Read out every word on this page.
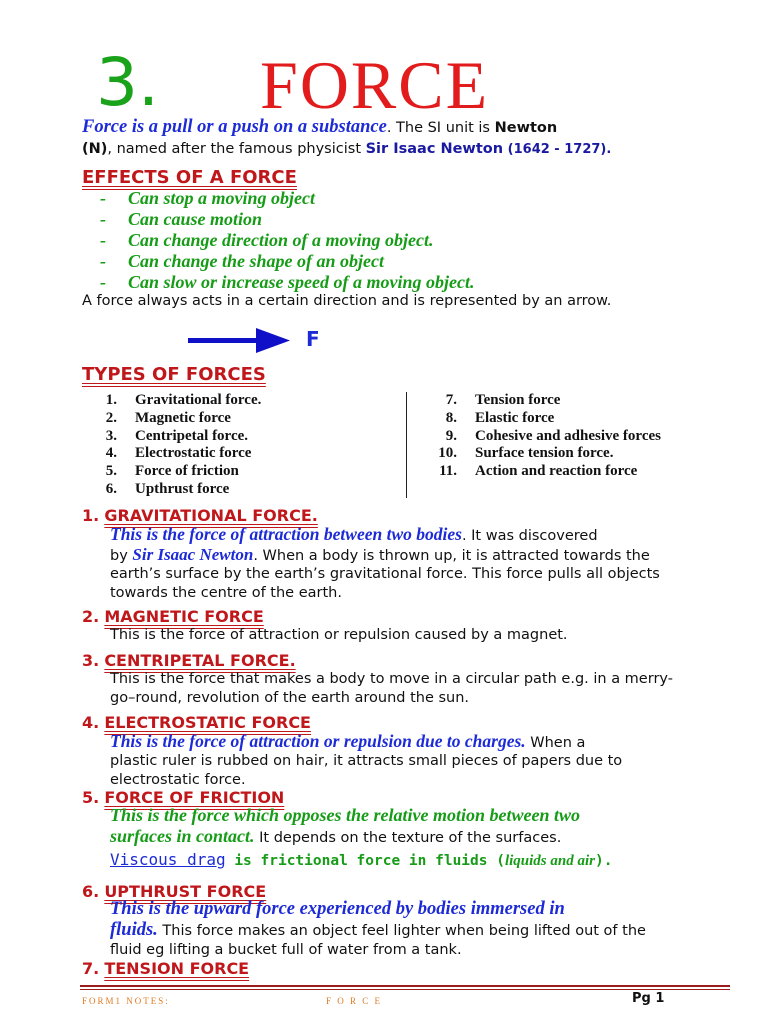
3. FORCE
Force is a pull or a push on a substance. The SI unit is Newton
(N), named after the famous physicist Sir Isaac Newton (1642 - 1727).
EFFECTS OF A FORCE
- Can stop a moving object
- Can cause motion
- Can change direction of a moving object.
- Can change the shape of an object
- Can slow or increase speed of a moving object.
A force always acts in a certain direction and is represented by an arrow.
F
TYPES OF FORCES
1. Gravitational force.
2. Magnetic force
3. Centripetal force.
4. Electrostatic force
5. Force of friction
6. Upthrust force
7. Tension force
8. Elastic force
9. Cohesive and adhesive forces
10. Surface tension force.
11. Action and reaction force
1. GRAVITATIONAL FORCE.
This is the force of attraction between two bodies. It was discovered
by Sir Isaac Newton. When a body is thrown up, it is attracted towards the
earth’s surface by the earth’s gravitational force. This force pulls all objects
towards the centre of the earth.
2. MAGNETIC FORCE
This is the force of attraction or repulsion caused by a magnet.
3. CENTRIPETAL FORCE.
This is the force that makes a body to move in a circular path e.g. in a merry-
go–round, revolution of the earth around the sun.
4. ELECTROSTATIC FORCE
This is the force of attraction or repulsion due to charges. When a
plastic ruler is rubbed on hair, it attracts small pieces of papers due to
electrostatic force.
5. FORCE OF FRICTION
This is the force which opposes the relative motion between two
surfaces in contact. It depends on the texture of the surfaces.
Viscous drag is frictional force in fluids (liquids and air).
6. UPTHRUST FORCE
This is the upward force experienced by bodies immersed in
fluids. This force makes an object feel lighter when being lifted out of the
fluid eg lifting a bucket full of water from a tank.
7. TENSION FORCE
FORM1 NOTES:	F O R C E	Pg 1
